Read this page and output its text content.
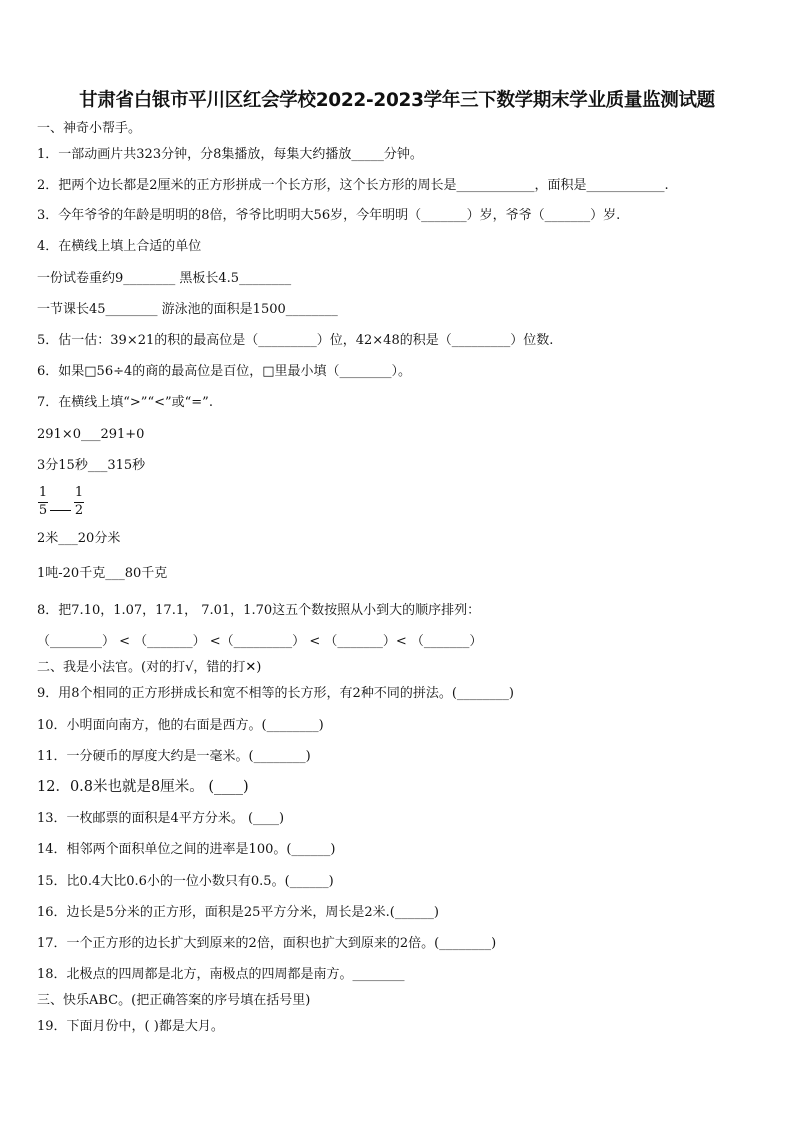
甘肃省白银市平川区红会学校2022-2023学年三下数学期末学业质量监测试题
一、神奇小帮手。
1．一部动画片共323分钟，分8集播放，每集大约播放_____分钟。
2．把两个边长都是2厘米的正方形拼成一个长方形，这个长方形的周长是____________，面积是____________.
3．今年爷爷的年龄是明明的8倍，爷爷比明明大56岁，今年明明（_______）岁，爷爷（_______）岁.
4．在横线上填上合适的单位
一份试卷重约9________ 黑板长4.5________
一节课长45________ 游泳池的面积是1500________
5．估一估：39×21的积的最高位是（_________）位，42×48的积是（_________）位数.
6．如果□56÷4的商的最高位是百位，□里最小填（________）。
7．在横线上填“>”“<”或“=”.
291×0___291+0
3分15秒___315秒
1
5
1
2
2米___20分米
1吨-20千克___80千克
8．把7.10，1.07，17.1， 7.01，1.70这五个数按照从小到大的顺序排列：
（________） < （_______） <（_________） < （_______）< （_______）
二、我是小法官。(对的打√，错的打✕)
9．用8个相同的正方形拼成长和宽不相等的长方形，有2种不同的拼法。(________)
10．小明面向南方，他的右面是西方。(________)
11．一分硬币的厚度大约是一毫米。(________)
12．0.8米也就是8厘米。 (____)
13．一枚邮票的面积是4平方分米。 (____)
14．相邻两个面积单位之间的进率是100。(______)
15．比0.4大比0.6小的一位小数只有0.5。(______)
16．边长是5分米的正方形，面积是25平方分米，周长是2米.(______)
17．一个正方形的边长扩大到原来的2倍，面积也扩大到原来的2倍。(________)
18．北极点的四周都是北方，南极点的四周都是南方。________
三、快乐ABC。(把正确答案的序号填在括号里)
19．下面月份中，( )都是大月。
